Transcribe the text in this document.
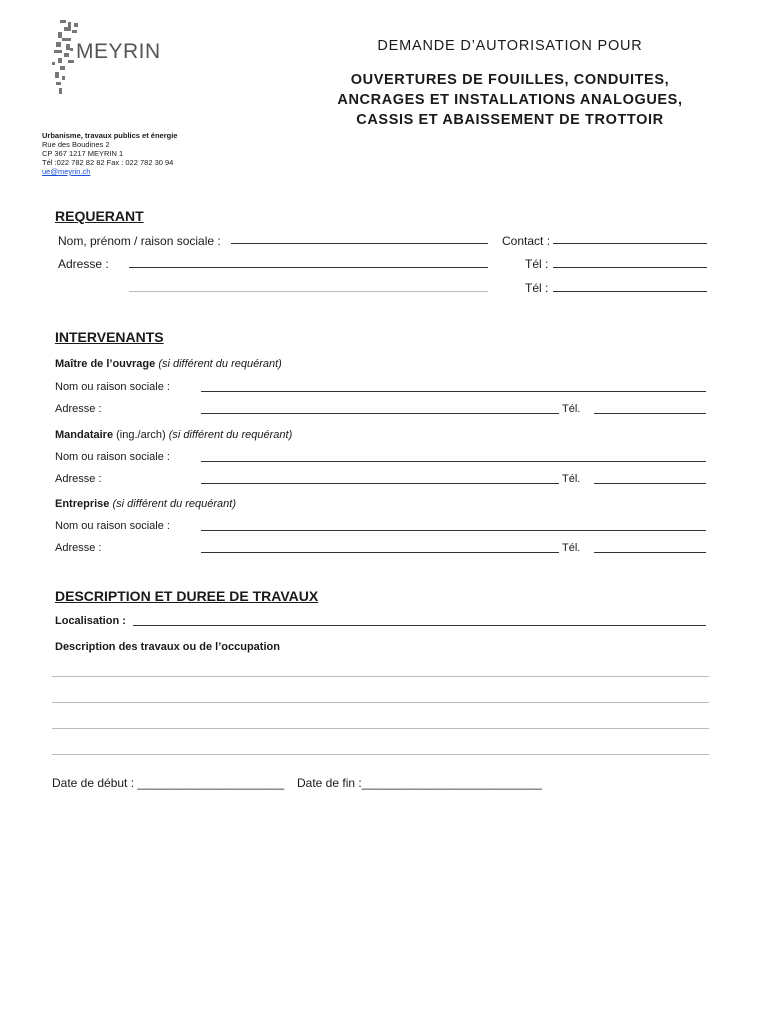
MEYRIN	DEMANDE D’AUTORISATION POUR
OUVERTURES DE FOUILLES, CONDUITES,
ANCRAGES ET INSTALLATIONS ANALOGUES,
CASSIS ET ABAISSEMENT DE TROTTOIR
Urbanisme, travaux publics et énergie
Rue des Boudines 2
CP 367 1217 MEYRIN 1
Tél :022 782 82 82 Fax : 022 782 30 94
ue@meyrin.ch
REQUERANT
Nom, prénom / raison sociale :	Contact :
Adresse :	Tél :
Tél :
INTERVENANTS
Maître de l’ouvrage (si différent du requérant)
Nom ou raison sociale :
Adresse :	Tél.
Mandataire (ing./arch) (si différent du requérant)
Nom ou raison sociale :
Adresse :	Tél.
Entreprise (si différent du requérant)
Nom ou raison sociale :
Adresse :	Tél.
DESCRIPTION ET DUREE DE TRAVAUX
Localisation :
Description des travaux ou de l’occupation
Date de début : ______________________ Date de fin :___________________________
